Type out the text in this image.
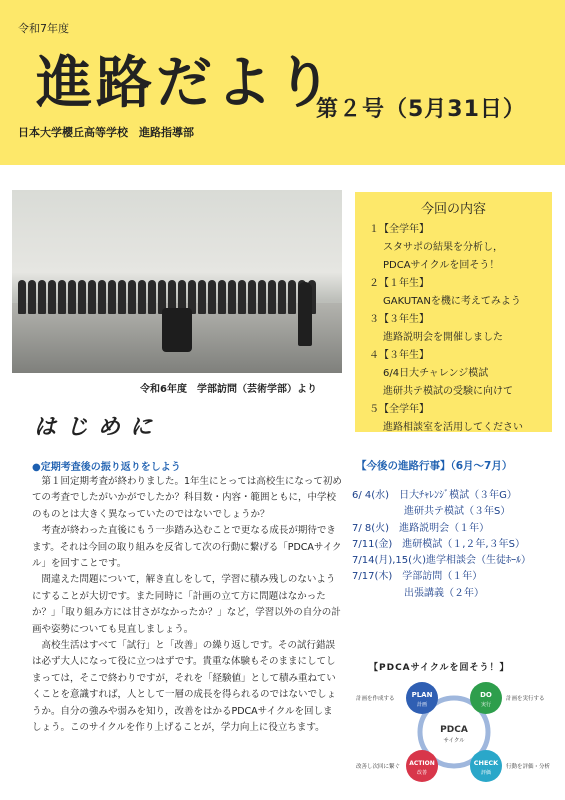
令和7年度
進路だより
第２号（5月31日）
日本大学櫻丘高等学校　進路指導部
令和6年度　学部訪問（芸術学部）より
今回の内容
１【全学年】
スタサポの結果を分析し，
PDCAサイクルを回そう！
２【１年生】
GAKUTANを機に考えてみよう
３【３年生】
進路説明会を開催しました
４【３年生】
6/4日大チャレンジ模試
進研共テ模試の受験に向けて
５【全学年】
進路相談室を活用してください
はじめに
●定期考査後の振り返りをしよう

第１回定期考査が終わりました。1年生にとっては高校生になって初めての考査でしたがいかがでしたか？科目数・内容・範囲ともに，中学校のものとは大きく異なっていたのではないでしょうか？

考査が終わった直後にもう一歩踏み込むことで更なる成長が期待できます。それは今回の取り組みを反省して次の行動に繋げる「PDCAサイクル」を回すことです。

間違えた問題について，解き直しをして，学習に積み残しのないようにすることが大切です。また同時に「計画の立て方に問題はなかったか？」「取り組み方には甘さがなかったか？」など，学習以外の自分の計画や姿勢についても見直しましょう。

高校生活はすべて「試行」と「改善」の繰り返しです。その試行錯誤は必ず大人になって役に立つはずです。貴重な体験もそのままにしてしまっては，そこで終わりですが，それを「経験値」として積み重ねていくことを意識すれば，人として一層の成長を得られるのではないでしょうか。自分の強みや弱みを知り，改善をはかるPDCAサイクルを回しましょう。このサイクルを作り上げることが，学力向上に役立ちます。

【今後の進路行事】（6月～7月）
6/ 4(水)　日大ﾁｬﾚﾝｼﾞ模試（３年G）
進研共テ模試（３年S）
7/ 8(火)　進路説明会（１年）
7/11(金)　進研模試（１,２年,３年S）
7/14(月),15(火)進学相談会（生徒ﾎｰﾙ）
7/17(木)　学部訪問（１年）
出張講義（２年）
【PDCAサイクルを回そう！】
PLAN
計画
DO
実行
CHECK
評価
ACTION
改善
PDCA
サイクル
計画を作成する	計画を実行する
行動を評価・分析
改善し次回に繋ぐ
